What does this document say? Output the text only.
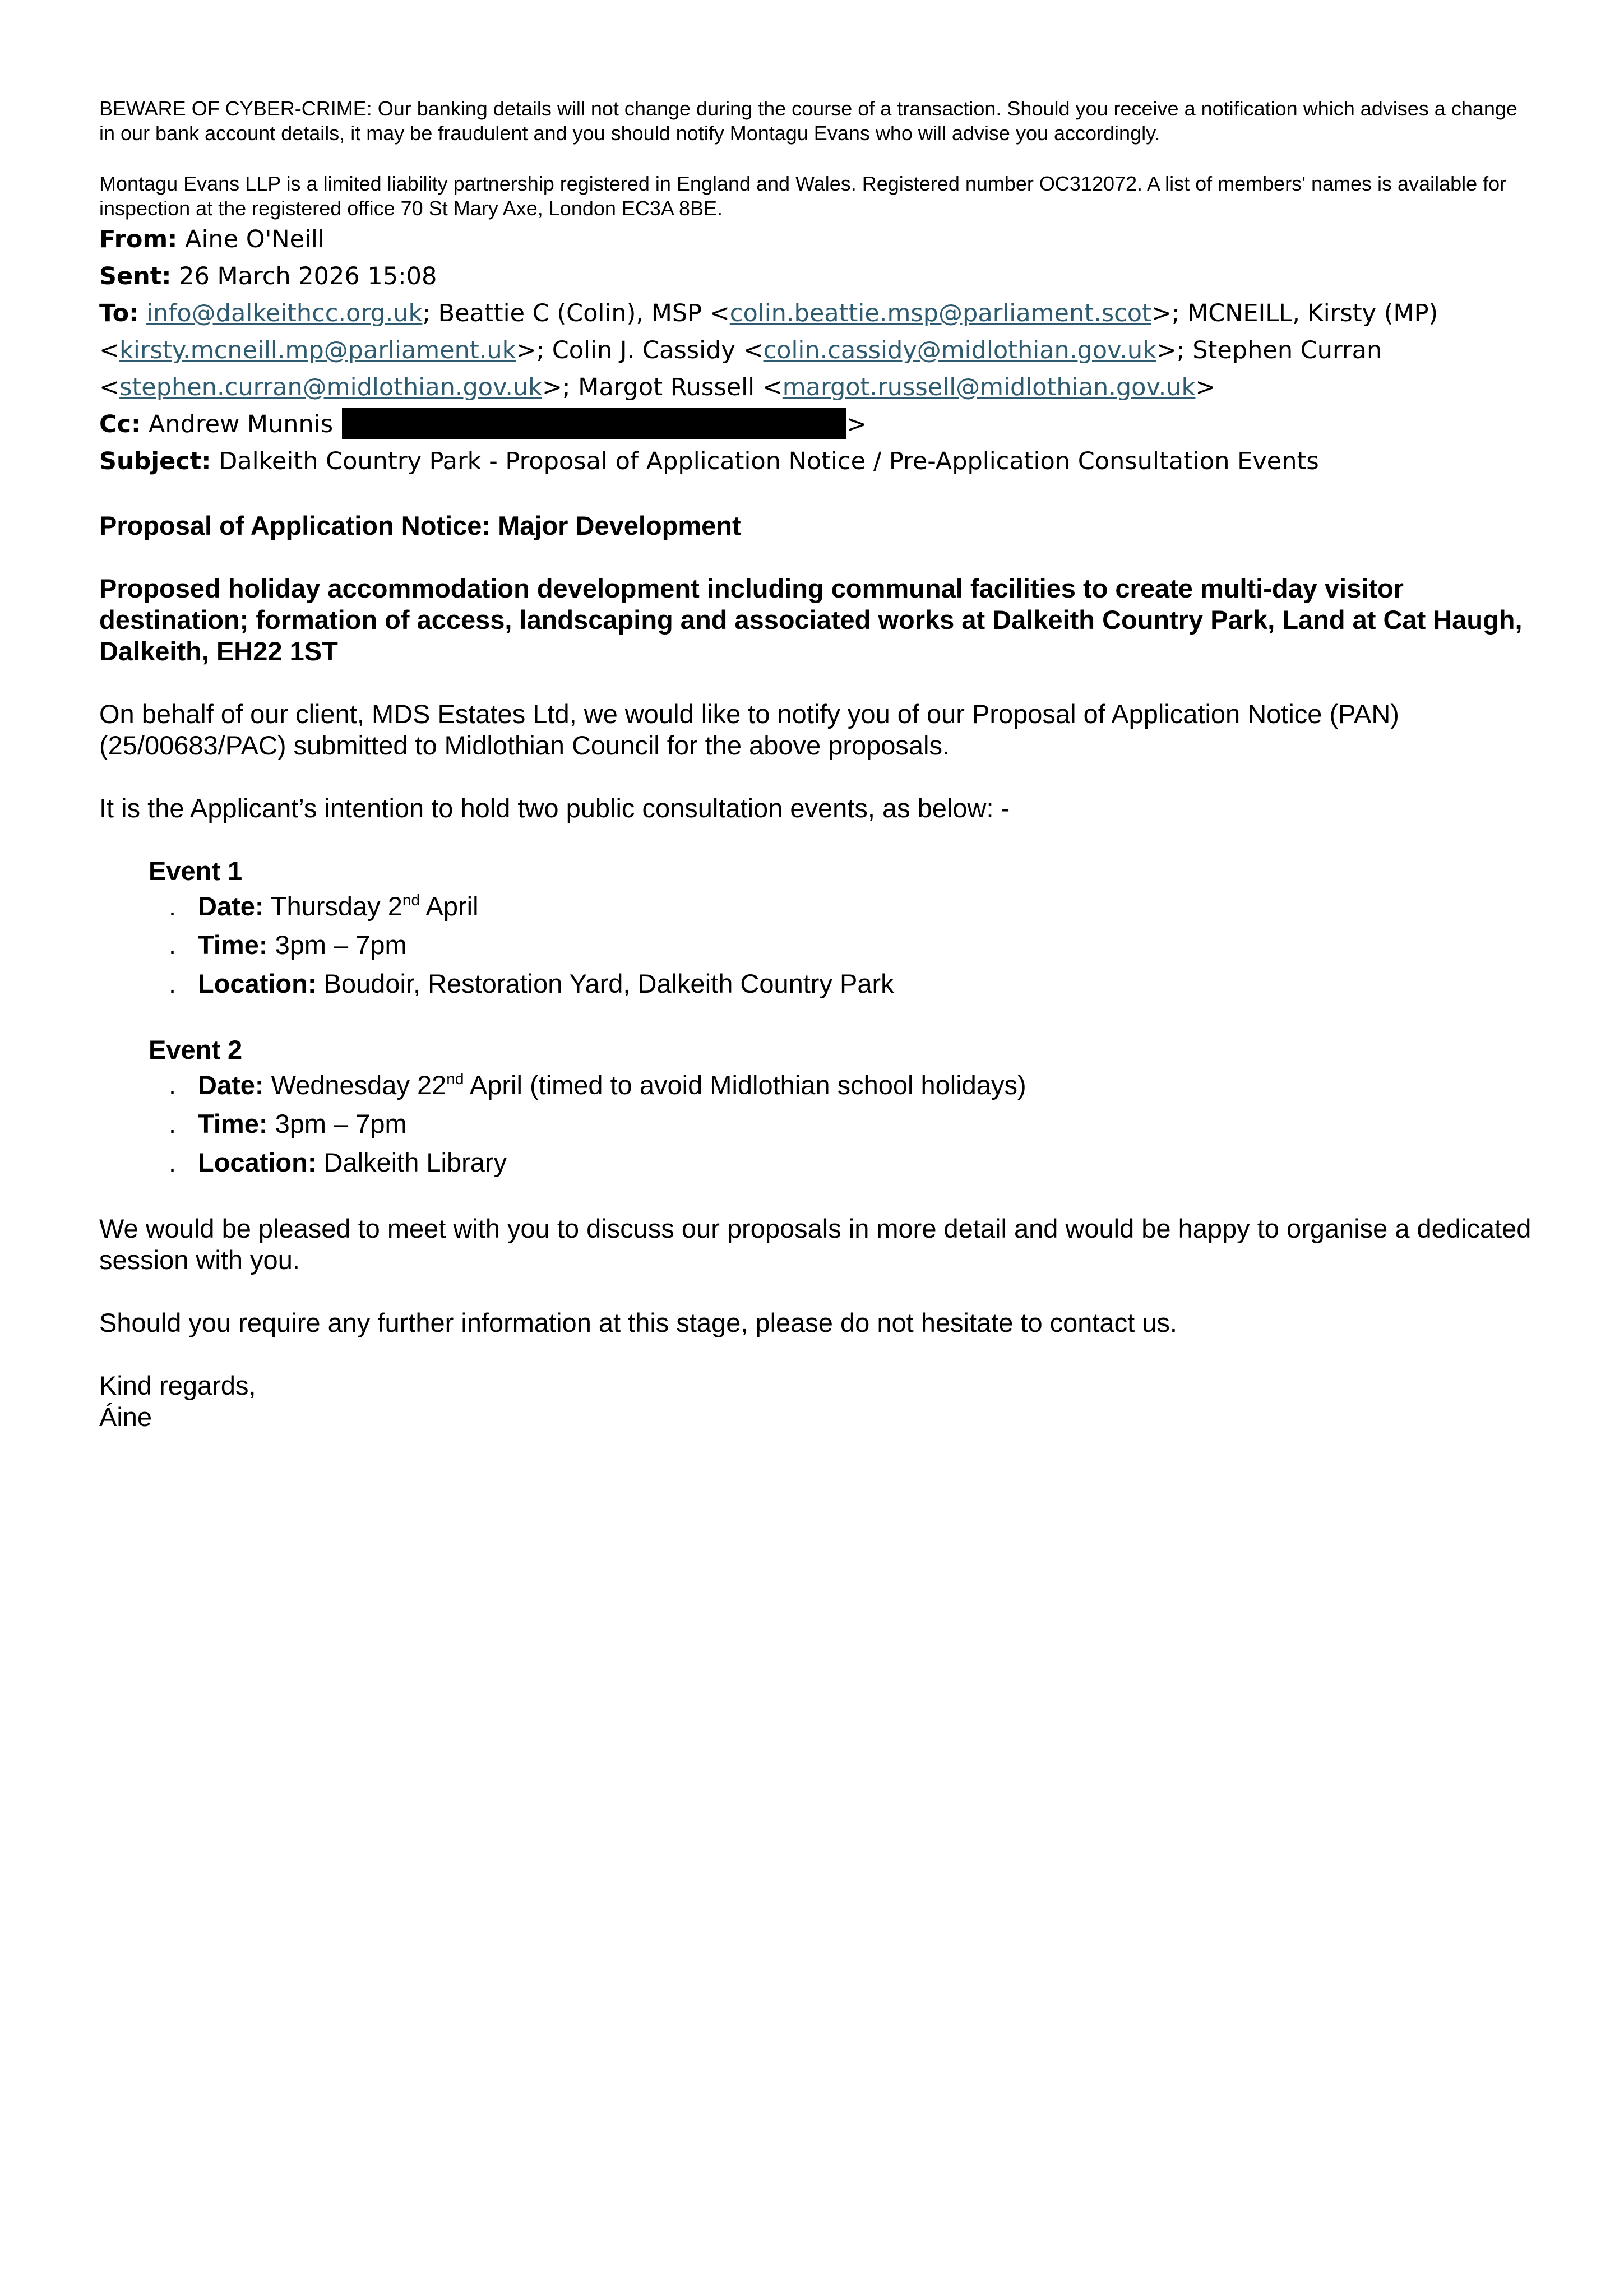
BEWARE OF CYBER-CRIME: Our banking details will not change during the course of a transaction. Should you receive a notification which advises a change in our bank account details, it may be fraudulent and you should notify Montagu Evans who will advise you accordingly.

Montagu Evans LLP is a limited liability partnership registered in England and Wales. Registered number OC312072. A list of members' names is available for inspection at the registered office 70 St Mary Axe, London EC3A 8BE.

From: Aine O'Neill
Sent: 26 March 2026 15:08
To: info@dalkeithcc.org.uk; Beattie C (Colin), MSP <colin.beattie.msp@parliament.scot>; MCNEILL, Kirsty (MP) <kirsty.mcneill.mp@parliament.uk>; Colin J. Cassidy <colin.cassidy@midlothian.gov.uk>; Stephen Curran <stephen.curran@midlothian.gov.uk>; Margot Russell <margot.russell@midlothian.gov.uk>
Cc: Andrew Munnis	>
Subject: Dalkeith Country Park - Proposal of Application Notice / Pre-Application Consultation Events

Proposal of Application Notice: Major Development

Proposed holiday accommodation development including communal facilities to create multi-day visitor destination; formation of access, landscaping and associated works at Dalkeith Country Park, Land at Cat Haugh, Dalkeith, EH22 1ST

On behalf of our client, MDS Estates Ltd, we would like to notify you of our Proposal of Application Notice (PAN) (25/00683/PAC) submitted to Midlothian Council for the above proposals.

It is the Applicant’s intention to hold two public consultation events, as below: -

Event 1

. Date: Thursday 2nd April
. Time: 3pm – 7pm
. Location: Boudoir, Restoration Yard, Dalkeith Country Park

Event 2

. Date: Wednesday 22nd April (timed to avoid Midlothian school holidays)
. Time: 3pm – 7pm
. Location: Dalkeith Library

We would be pleased to meet with you to discuss our proposals in more detail and would be happy to organise a dedicated session with you.

Should you require any further information at this stage, please do not hesitate to contact us.

Kind regards,

Áine
